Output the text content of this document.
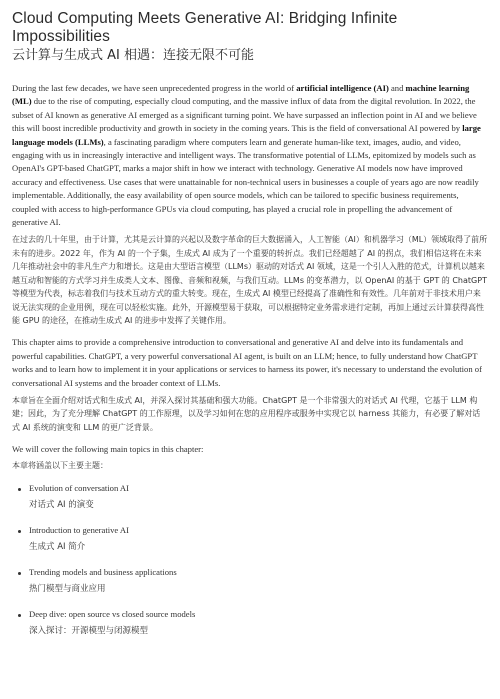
Cloud Computing Meets Generative AI: Bridging Infinite Impossibilities
云计算与生成式 AI 相遇：连接无限不可能

During the last few decades, we have seen unprecedented progress in the world of artificial intelligence (AI) and machine learning (ML) due to the rise of computing, especially cloud computing, and the massive influx of data from the digital revolution. In 2022, the subset of AI known as generative AI emerged as a significant turning point. We have surpassed an inflection point in AI and we believe this will boost incredible productivity and growth in society in the coming years. This is the field of conversational AI powered by large language models (LLMs), a fascinating paradigm where computers learn and generate human-like text, images, audio, and video, engaging with us in increasingly interactive and intelligent ways. The transformative potential of LLMs, epitomized by models such as OpenAI's GPT-based ChatGPT, marks a major shift in how we interact with technology. Generative AI models now have improved accuracy and effectiveness. Use cases that were unattainable for non-technical users in businesses a couple of years ago are now readily implementable. Additionally, the easy availability of open source models, which can be tailored to specific business requirements, coupled with access to high-performance GPUs via cloud computing, has played a crucial role in propelling the advancement of generative AI.

在过去的几十年里，由于计算，尤其是云计算的兴起以及数字革命的巨大数据涌入，人工智能（AI）和机器学习（ML）领域取得了前所未有的进步。2022 年，作为 AI 的一个子集，生成式 AI 成为了一个重要的转折点。我们已经超越了 AI 的拐点，我们相信这将在未来几年推动社会中的非凡生产力和增长。这是由大型语言模型（LLMs）驱动的对话式 AI 领域，这是一个引人入胜的范式，计算机以越来越互动和智能的方式学习并生成类人文本、图像、音频和视频，与我们互动。LLMs 的变革潜力，以 OpenAI 的基于 GPT 的 ChatGPT 等模型为代表，标志着我们与技术互动方式的重大转变。现在，生成式 AI 模型已经提高了准确性和有效性。几年前对于非技术用户来说无法实现的企业用例，现在可以轻松实施。此外，开源模型易于获取，可以根据特定业务需求进行定制，再加上通过云计算获得高性能 GPU 的途径，在推动生成式 AI 的进步中发挥了关键作用。

This chapter aims to provide a comprehensive introduction to conversational and generative AI and delve into its fundamentals and powerful capabilities. ChatGPT, a very powerful conversational AI agent, is built on an LLM; hence, to fully understand how ChatGPT works and to learn how to implement it in your applications or services to harness its power, it's necessary to understand the evolution of conversational AI systems and the broader context of LLMs.

本章旨在全面介绍对话式和生成式 AI，并深入探讨其基础和强大功能。ChatGPT 是一个非常强大的对话式 AI 代理，它基于 LLM 构建；因此，为了充分理解 ChatGPT 的工作原理，以及学习如何在您的应用程序或服务中实现它以 harness 其能力，有必要了解对话式 AI 系统的演变和 LLM 的更广泛背景。

We will cover the following main topics in this chapter:

本章将涵盖以下主要主题：

Evolution of conversation AI
对话式 AI 的演变
Introduction to generative AI
生成式 AI 简介
Trending models and business applications
热门模型与商业应用
Deep dive: open source vs closed source models
深入探讨：开源模型与闭源模型
